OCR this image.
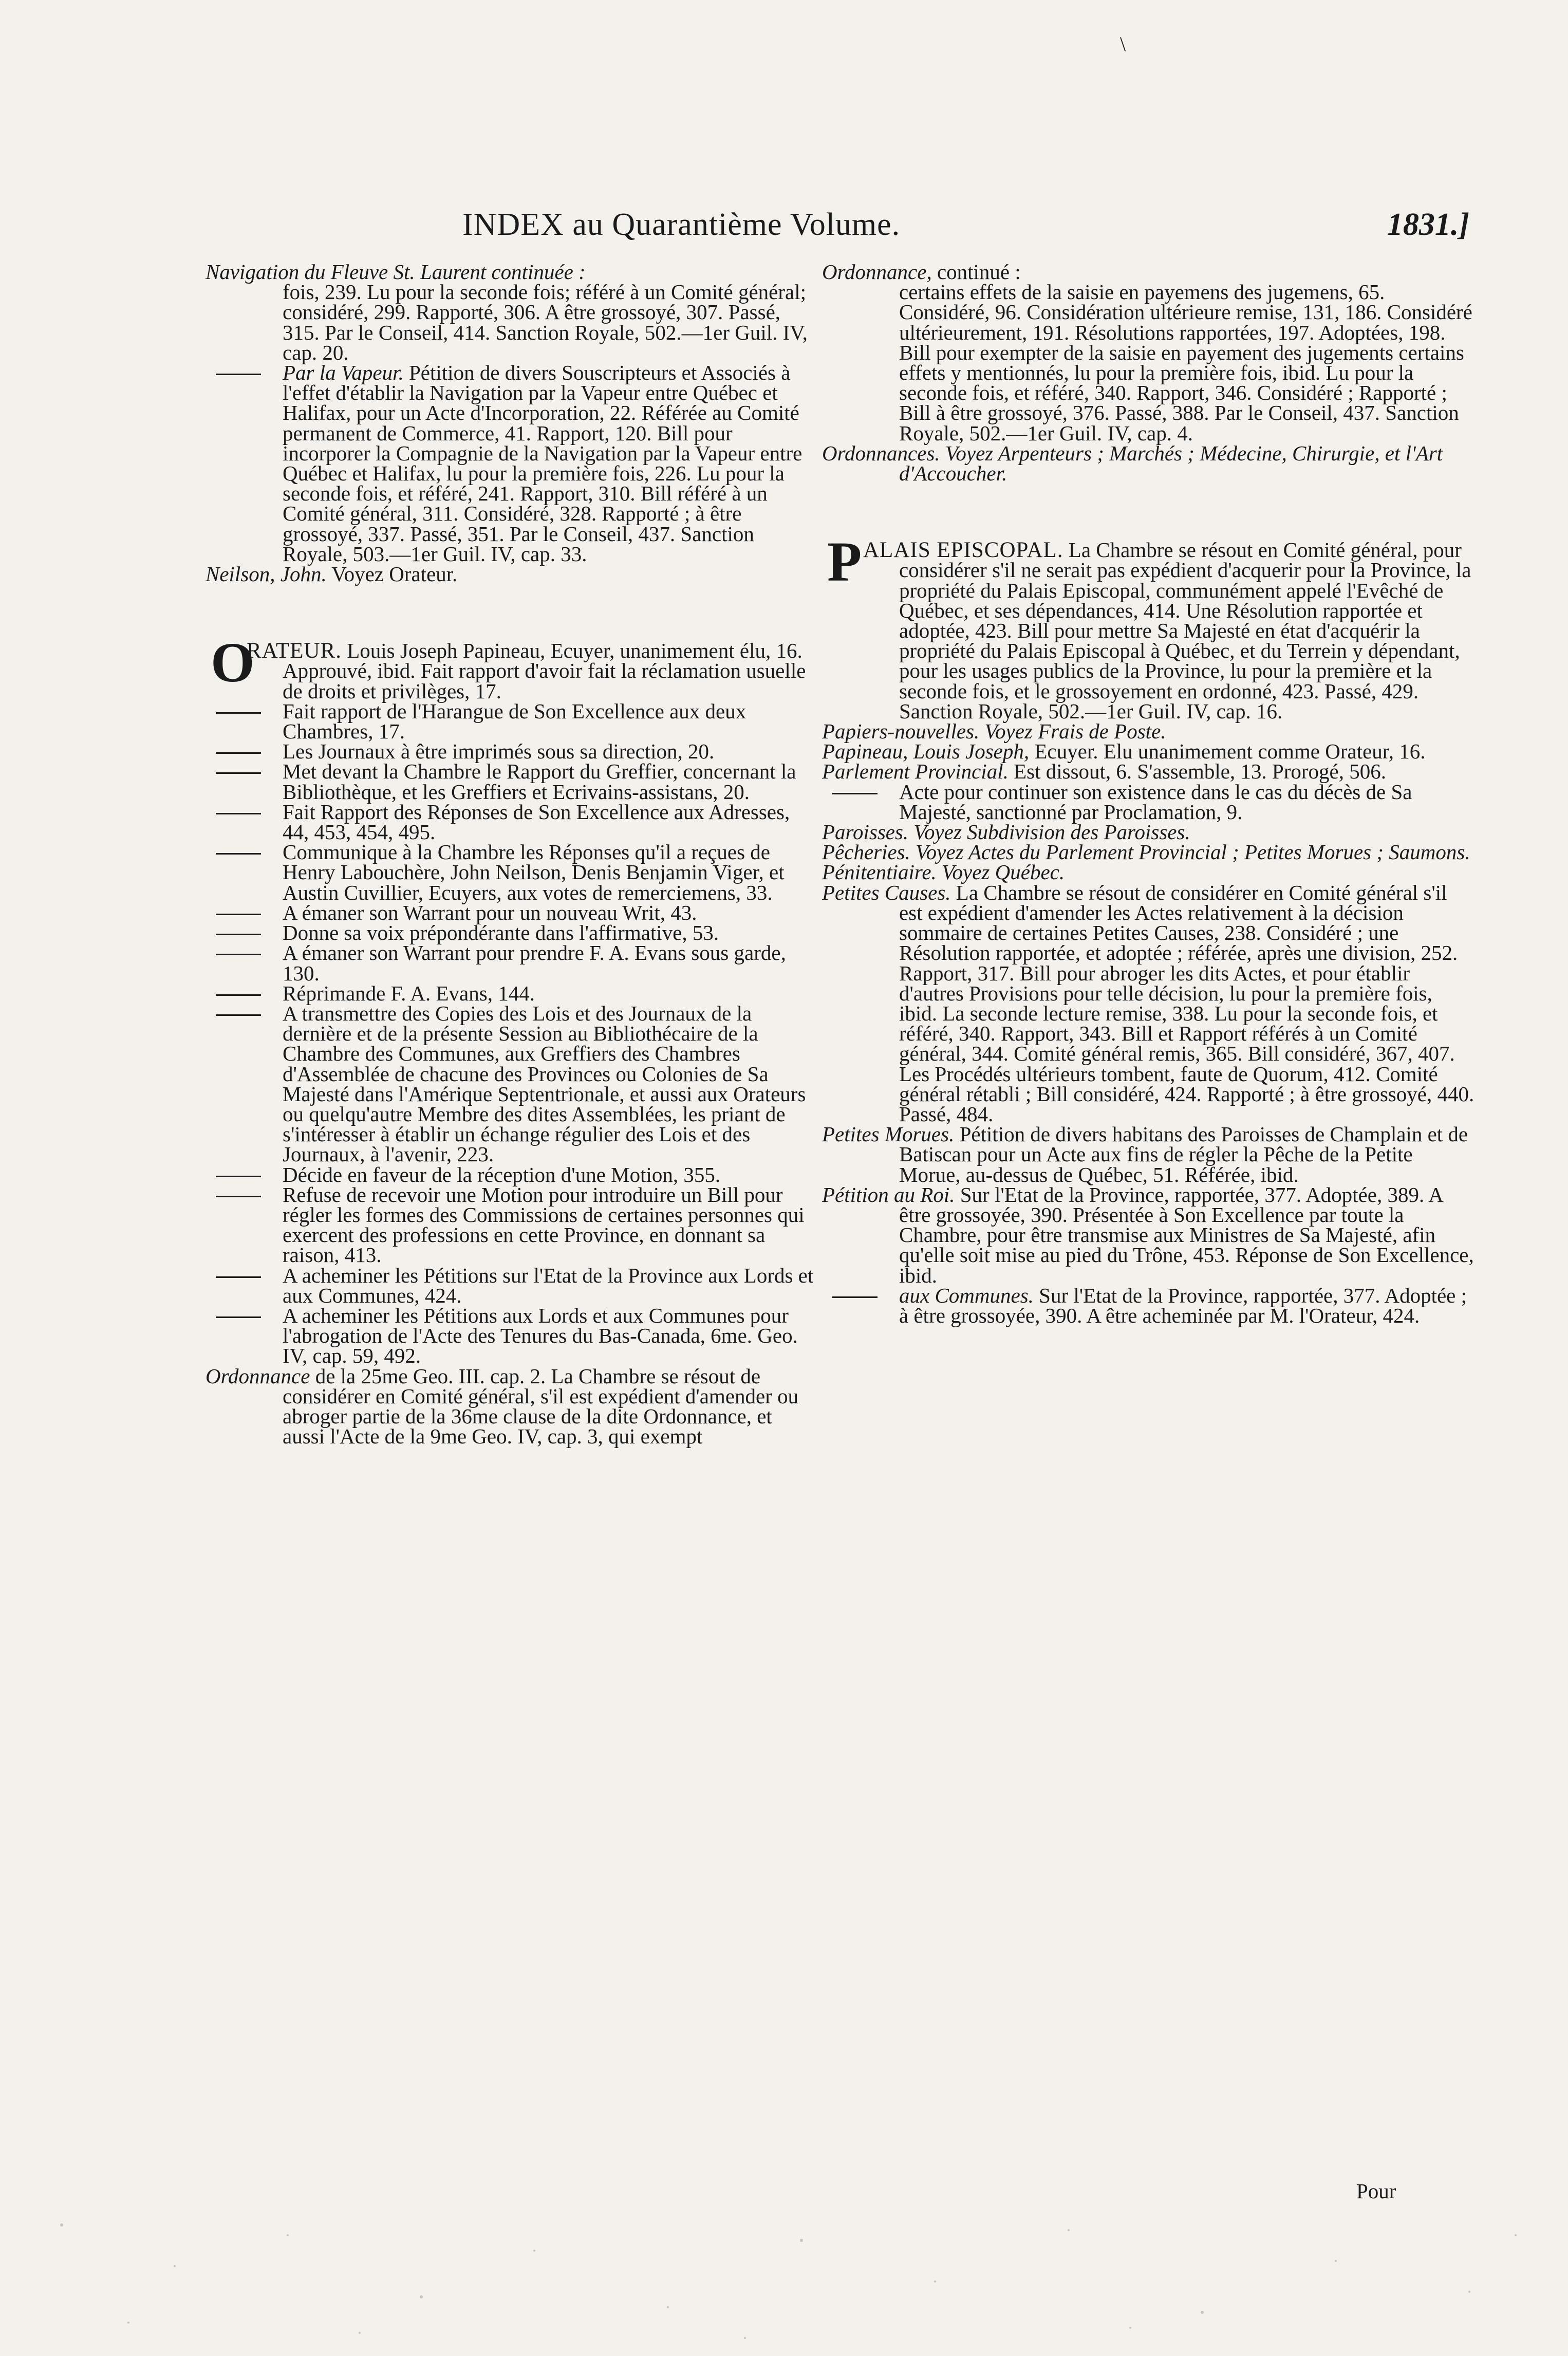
\
INDEX au Quarantième Volume.	1831.]

Navigation du Fleuve St. Laurent continuée :
fois, 239. Lu pour la seconde fois; référé à un Comité général; considéré, 299. Rapporté, 306. A être grossoyé, 307. Passé, 315. Par le Conseil, 414. Sanction Royale, 502.—1er Guil. IV, cap. 20.

Par la Vapeur. Pétition de divers Souscripteurs et Associés à l'effet d'établir la Navigation par la Vapeur entre Québec et Halifax, pour un Acte d'Incorporation, 22. Référée au Comité permanent de Commerce, 41. Rapport, 120. Bill pour incorporer la Compagnie de la Navigation par la Vapeur entre Québec et Halifax, lu pour la première fois, 226. Lu pour la seconde fois, et référé, 241. Rapport, 310. Bill référé à un Comité général, 311. Considéré, 328. Rapporté ; à être grossoyé, 337. Passé, 351. Par le Conseil, 437. Sanction Royale, 503.—1er Guil. IV, cap. 33.

Neilson, John. Voyez Orateur.

O

RATEUR. Louis Joseph Papineau, Ecuyer, unanimement élu, 16. Approuvé, ibid. Fait rapport d'avoir fait la réclamation usuelle de droits et privilèges, 17.

Fait rapport de l'Harangue de Son Excellence aux deux Chambres, 17.

Les Journaux à être imprimés sous sa direction, 20.

Met devant la Chambre le Rapport du Greffier, concernant la Bibliothèque, et les Greffiers et Ecrivains-assistans, 20.

Fait Rapport des Réponses de Son Excellence aux Adresses, 44, 453, 454, 495.

Communique à la Chambre les Réponses qu'il a reçues de Henry Labouchère, John Neilson, Denis Benjamin Viger, et Austin Cuvillier, Ecuyers, aux votes de remerciemens, 33.

A émaner son Warrant pour un nouveau Writ, 43.

Donne sa voix prépondérante dans l'affirmative, 53.

A émaner son Warrant pour prendre F. A. Evans sous garde, 130.

Réprimande F. A. Evans, 144.

A transmettre des Copies des Lois et des Journaux de la dernière et de la présente Session au Bibliothécaire de la Chambre des Communes, aux Greffiers des Chambres d'Assemblée de chacune des Provinces ou Colonies de Sa Majesté dans l'Amérique Septentrionale, et aussi aux Orateurs ou quelqu'autre Membre des dites Assemblées, les priant de s'intéresser à établir un échange régulier des Lois et des Journaux, à l'avenir, 223.

Décide en faveur de la réception d'une Motion, 355.

Refuse de recevoir une Motion pour introduire un Bill pour régler les formes des Commissions de certaines personnes qui exercent des professions en cette Province, en donnant sa raison, 413.

A acheminer les Pétitions sur l'Etat de la Province aux Lords et aux Communes, 424.

A acheminer les Pétitions aux Lords et aux Communes pour l'abrogation de l'Acte des Tenures du Bas-Canada, 6me. Geo. IV, cap. 59, 492.

Ordonnance de la 25me Geo. III. cap. 2. La Chambre se résout de considérer en Comité général, s'il est expédient d'amender ou abroger partie de la 36me clause de la dite Ordonnance, et aussi l'Acte de la 9me Geo. IV, cap. 3, qui exempt

Ordonnance, continué :
certains effets de la saisie en payemens des jugemens, 65. Considéré, 96. Considération ultérieure remise, 131, 186. Considéré ultérieurement, 191. Résolutions rapportées, 197. Adoptées, 198. Bill pour exempter de la saisie en payement des jugements certains effets y mentionnés, lu pour la première fois, ibid. Lu pour la seconde fois, et référé, 340. Rapport, 346. Considéré ; Rapporté ; Bill à être grossoyé, 376. Passé, 388. Par le Conseil, 437. Sanction Royale, 502.—1er Guil. IV, cap. 4.

Ordonnances. Voyez Arpenteurs ; Marchés ; Médecine, Chirurgie, et l'Art d'Accoucher.

P ALAIS EPISCOPAL. La Chambre se résout en Comité général, pour considérer s'il ne serait pas expédient d'acquerir pour la Province, la propriété du Palais Episcopal, communément appelé l'Evêché de Québec, et ses dépendances, 414. Une Résolution rapportée et adoptée, 423. Bill pour mettre Sa Majesté en état d'acquérir la propriété du Palais Episcopal à Québec, et du Terrein y dépendant, pour les usages publics de la Province, lu pour la première et la seconde fois, et le grossoyement en ordonné, 423. Passé, 429. Sanction Royale, 502.—1er Guil. IV, cap. 16.

Papiers-nouvelles. Voyez Frais de Poste.

Papineau, Louis Joseph, Ecuyer. Elu unanimement comme Orateur, 16.

Parlement Provincial. Est dissout, 6. S'assemble, 13. Prorogé, 506.

Acte pour continuer son existence dans le cas du décès de Sa Majesté, sanctionné par Proclamation, 9.

Paroisses. Voyez Subdivision des Paroisses.

Pêcheries. Voyez Actes du Parlement Provincial ; Petites Morues ; Saumons.

Pénitentiaire. Voyez Québec.

Petites Causes. La Chambre se résout de considérer en Comité général s'il est expédient d'amender les Actes relativement à la décision sommaire de certaines Petites Causes, 238. Considéré ; une Résolution rapportée, et adoptée ; référée, après une division, 252. Rapport, 317. Bill pour abroger les dits Actes, et pour établir d'autres Provisions pour telle décision, lu pour la première fois, ibid. La seconde lecture remise, 338. Lu pour la seconde fois, et référé, 340. Rapport, 343. Bill et Rapport référés à un Comité général, 344. Comité général remis, 365. Bill considéré, 367, 407. Les Procédés ultérieurs tombent, faute de Quorum, 412. Comité général rétabli ; Bill considéré, 424. Rapporté ; à être grossoyé, 440. Passé, 484.

Petites Morues. Pétition de divers habitans des Paroisses de Champlain et de Batiscan pour un Acte aux fins de régler la Pêche de la Petite Morue, au-dessus de Québec, 51. Référée, ibid.

Pétition au Roi. Sur l'Etat de la Province, rapportée, 377. Adoptée, 389. A être grossoyée, 390. Présentée à Son Excellence par toute la Chambre, pour être transmise aux Ministres de Sa Majesté, afin qu'elle soit mise au pied du Trône, 453. Réponse de Son Excellence, ibid.

aux Communes. Sur l'Etat de la Province, rapportée, 377. Adoptée ; à être grossoyée, 390. A être acheminée par M. l'Orateur, 424.

Pour
